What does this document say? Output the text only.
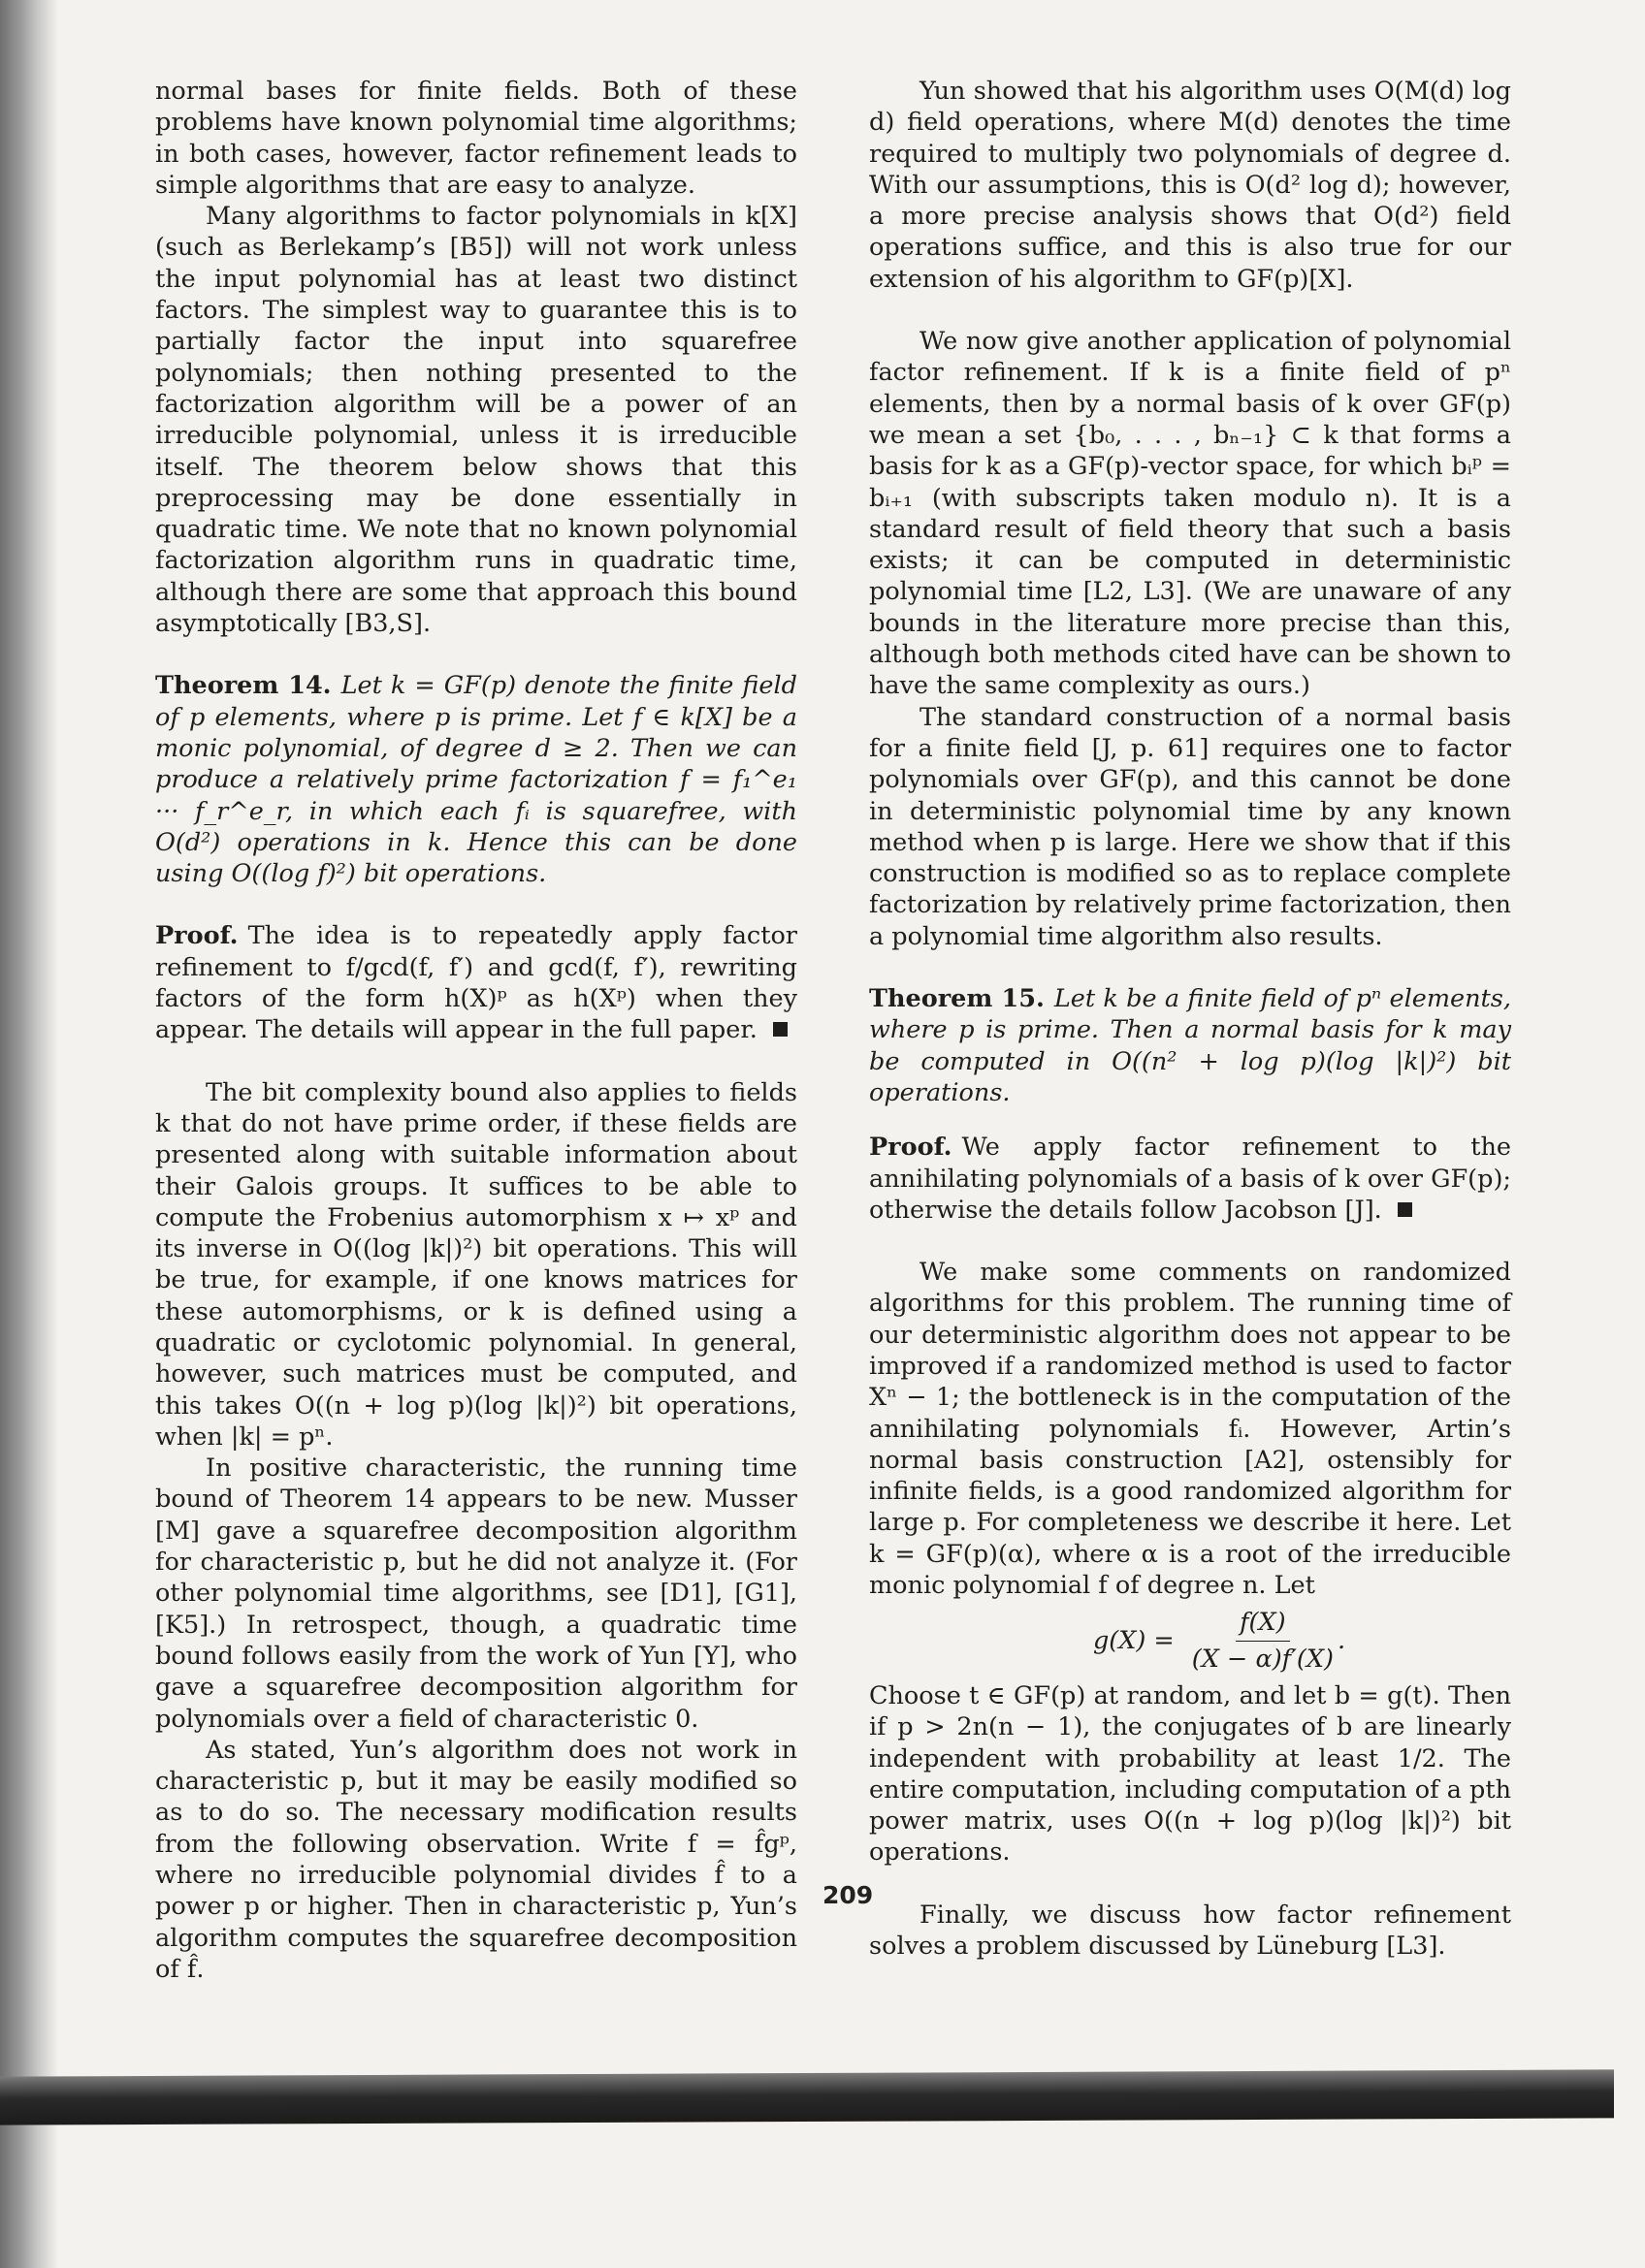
normal bases for finite fields. Both of these problems have known polynomial time algorithms; in both cases, however, factor refinement leads to simple algorithms that are easy to analyze.

Many algorithms to factor polynomials in k[X] (such as Berlekamp’s [B5]) will not work unless the input polynomial has at least two distinct factors. The simplest way to guarantee this is to partially factor the input into squarefree polynomials; then nothing presented to the factorization algorithm will be a power of an irreducible polynomial, unless it is irreducible itself. The theorem below shows that this preprocessing may be done essentially in quadratic time. We note that no known polynomial factorization algorithm runs in quadratic time, although there are some that approach this bound asymptotically [B3,S].

Theorem 14. Let k = GF(p) denote the finite field of p elements, where p is prime. Let f ∈ k[X] be a monic polynomial, of degree d ≥ 2. Then we can produce a relatively prime factorization f = f₁^e₁ ··· f_r^e_r, in which each fᵢ is squarefree, with O(d²) operations in k. Hence this can be done using O((log f)²) bit operations.

Proof. The idea is to repeatedly apply factor refinement to f/gcd(f, f′) and gcd(f, f′), rewriting factors of the form h(X)ᵖ as h(Xᵖ) when they appear. The details will appear in the full paper.

The bit complexity bound also applies to fields k that do not have prime order, if these fields are presented along with suitable information about their Galois groups. It suffices to be able to compute the Frobenius automorphism x ↦ xᵖ and its inverse in O((log |k|)²) bit operations. This will be true, for example, if one knows matrices for these automorphisms, or k is defined using a quadratic or cyclotomic polynomial. In general, however, such matrices must be computed, and this takes O((n + log p)(log |k|)²) bit operations, when |k| = pⁿ.

In positive characteristic, the running time bound of Theorem 14 appears to be new. Musser [M] gave a squarefree decomposition algorithm for characteristic p, but he did not analyze it. (For other polynomial time algorithms, see [D1], [G1], [K5].) In retrospect, though, a quadratic time bound follows easily from the work of Yun [Y], who gave a squarefree decomposition algorithm for polynomials over a field of characteristic 0.

As stated, Yun’s algorithm does not work in characteristic p, but it may be easily modified so as to do so. The necessary modification results from the following observation. Write f = f̂gᵖ, where no irreducible polynomial divides f̂ to a power p or higher. Then in characteristic p, Yun’s algorithm computes the squarefree decomposition of f̂.

Yun showed that his algorithm uses O(M(d) log d) field operations, where M(d) denotes the time required to multiply two polynomials of degree d. With our assumptions, this is O(d² log d); however, a more precise analysis shows that O(d²) field operations suffice, and this is also true for our extension of his algorithm to GF(p)[X].

We now give another application of polynomial factor refinement. If k is a finite field of pⁿ elements, then by a normal basis of k over GF(p) we mean a set {b₀, . . . , bₙ₋₁} ⊂ k that forms a basis for k as a GF(p)-vector space, for which bᵢᵖ = bᵢ₊₁ (with subscripts taken modulo n). It is a standard result of field theory that such a basis exists; it can be computed in deterministic polynomial time [L2, L3]. (We are unaware of any bounds in the literature more precise than this, although both methods cited have can be shown to have the same complexity as ours.)

The standard construction of a normal basis for a finite field [J, p. 61] requires one to factor polynomials over GF(p), and this cannot be done in deterministic polynomial time by any known method when p is large. Here we show that if this construction is modified so as to replace complete factorization by relatively prime factorization, then a polynomial time algorithm also results.

Theorem 15. Let k be a finite field of pⁿ elements, where p is prime. Then a normal basis for k may be computed in O((n² + log p)(log |k|)²) bit operations.

Proof. We apply factor refinement to the annihilating polynomials of a basis of k over GF(p); otherwise the details follow Jacobson [J].

We make some comments on randomized algorithms for this problem. The running time of our deterministic algorithm does not appear to be improved if a randomized method is used to factor Xⁿ − 1; the bottleneck is in the computation of the annihilating polynomials fᵢ. However, Artin’s normal basis construction [A2], ostensibly for infinite fields, is a good randomized algorithm for large p. For completeness we describe it here. Let k = GF(p)(α), where α is a root of the irreducible monic polynomial f of degree n. Let

$g(X) = \frac{f(X)}{(X - \alpha)f'(X)}$ .

Choose t ∈ GF(p) at random, and let b = g(t). Then if p > 2n(n − 1), the conjugates of b are linearly independent with probability at least 1/2. The entire computation, including computation of a pth power matrix, uses O((n + log p)(log |k|)²) bit operations.

Finally, we discuss how factor refinement solves a problem discussed by Lüneburg [L3].

209
